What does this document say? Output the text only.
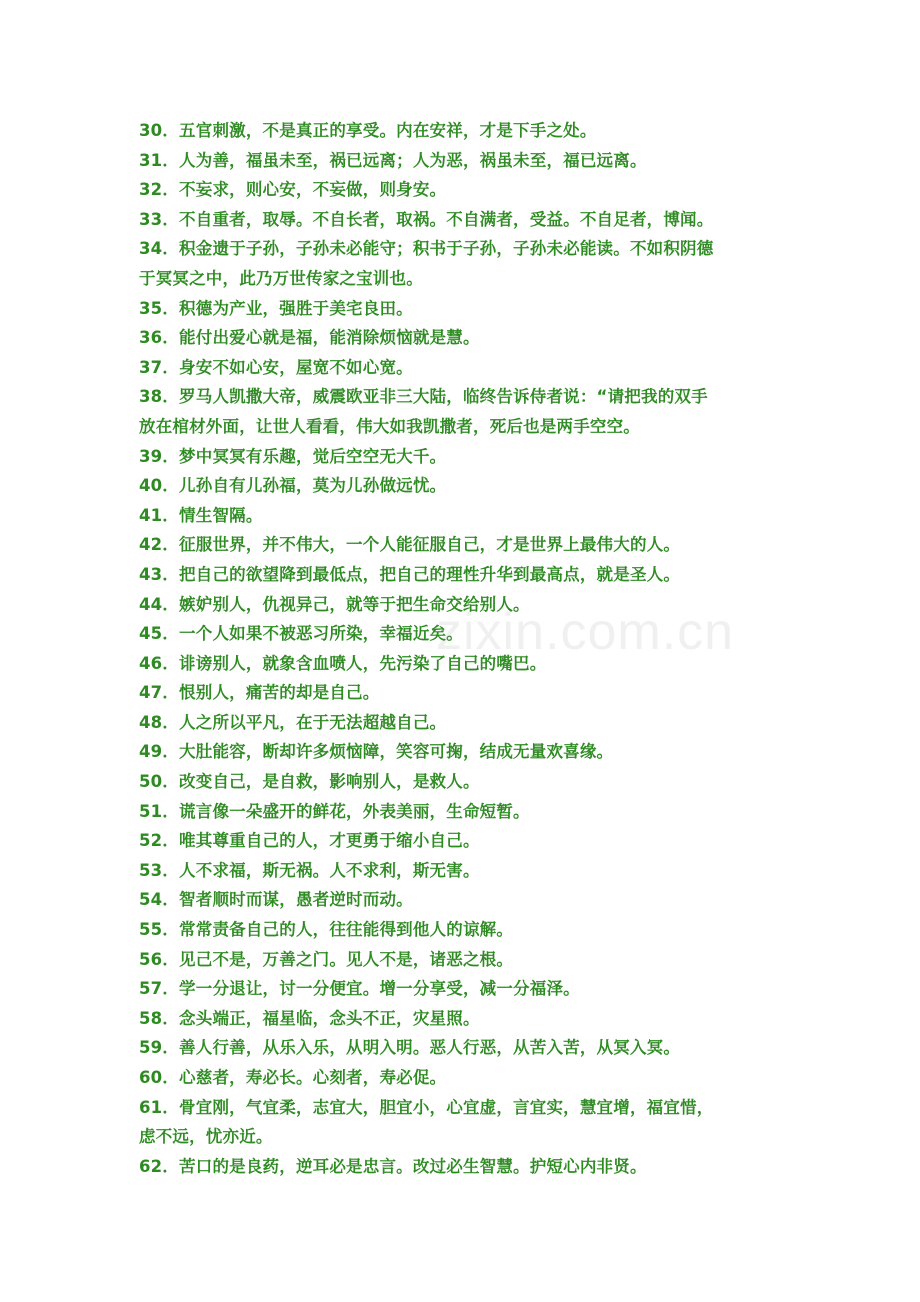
30．五官刺激，不是真正的享受。内在安祥，才是下手之处。
31．人为善，福虽未至，祸已远离；人为恶，祸虽未至，福已远离。
32．不妄求，则心安，不妄做，则身安。
33．不自重者，取辱。不自长者，取祸。不自满者，受益。不自足者，博闻。
34．积金遗于子孙，子孙未必能守；积书于子孙，子孙未必能读。不如积阴德
于冥冥之中，此乃万世传家之宝训也。
35．积德为产业，强胜于美宅良田。
36．能付出爱心就是福，能消除烦恼就是慧。
37．身安不如心安，屋宽不如心宽。
38．罗马人凯撒大帝，威震欧亚非三大陆，临终告诉侍者说：“请把我的双手
放在棺材外面，让世人看看，伟大如我凯撒者，死后也是两手空空。
39．梦中冥冥有乐趣，觉后空空无大千。
40．儿孙自有儿孙福，莫为儿孙做远忧。
41．情生智隔。
42．征服世界，并不伟大，一个人能征服自己，才是世界上最伟大的人。
43．把自己的欲望降到最低点，把自己的理性升华到最高点，就是圣人。
44．嫉妒别人，仇视异己，就等于把生命交给别人。
45．一个人如果不被恶习所染，幸福近矣。
46．诽谤别人，就象含血喷人，先污染了自己的嘴巴。
47．恨别人，痛苦的却是自己。
48．人之所以平凡，在于无法超越自己。
49．大肚能容，断却许多烦恼障，笑容可掬，结成无量欢喜缘。
50．改变自己，是自救，影响别人，是救人。
51．谎言像一朵盛开的鲜花，外表美丽，生命短暂。
52．唯其尊重自己的人，才更勇于缩小自己。
53．人不求福，斯无祸。人不求利，斯无害。
54．智者顺时而谋，愚者逆时而动。
55．常常责备自己的人，往往能得到他人的谅解。
56．见己不是，万善之门。见人不是，诸恶之根。
57．学一分退让，讨一分便宜。增一分享受，减一分福泽。
58．念头端正，福星临，念头不正，灾星照。
59．善人行善，从乐入乐，从明入明。恶人行恶，从苦入苦，从冥入冥。
60．心慈者，寿必长。心刻者，寿必促。
61．骨宜刚，气宜柔，志宜大，胆宜小，心宜虚，言宜实，慧宜增，福宜惜，
虑不远，忧亦近。
62．苦口的是良药，逆耳必是忠言。改过必生智慧。护短心内非贤。
zixin.com.cn
